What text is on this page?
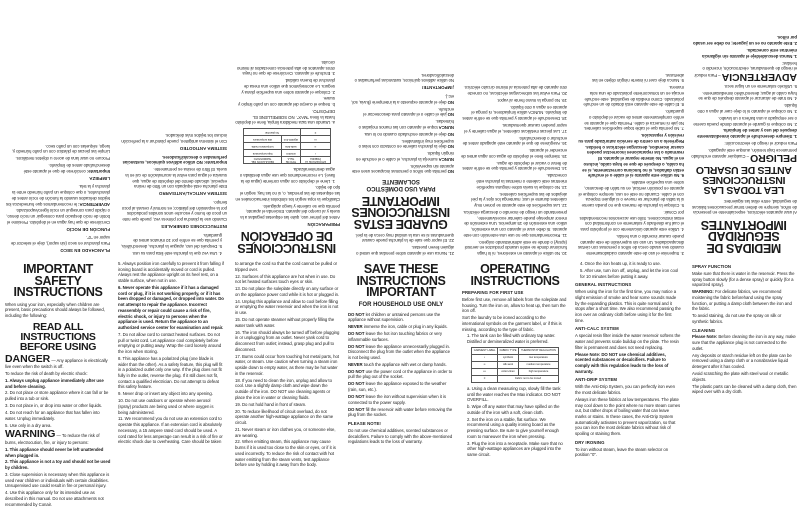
MEDIDAS DE SEGURIDAD IMPORTANTES
Al usar aparatos eléctricos, especialmente en presencia de niños, siempre se deben tomar precauciones básicas de seguridad, entre ellas las siguientes:
LEA TODAS LAS INSTRUCCIONES ANTES DE USARLO
PELIGRO – Cualquier aparato enchufado permanece bajo tensión, aunque esté apagado.
Para reducir el riesgo de electrocución:
1. Siempre desenchufe el aparato inmediatamente después del uso y antes de limpiarlo.
2. No coloque ni guarde el aparato donde pueda caerse o ser empujado a una bañera o un lavabo.
3. No coloque el aparato ni lo deje caer al agua u otro líquido.
4. No trate de alcanzar el aparato después de que se haya caído al agua; desenchúfelo inmediatamente.
5. Utilícelo solamente en un lugar seco.
ADVERTENCIA – Para reducir el riesgo de quemaduras, electrocución, incendio o heridas:
1. Nunca descuide/deje el aparato sin vigilancia mientras esté conectado.
2. Este aparato no es un juguete; no debe ser usado por niños.
3. Supervise el uso de este aparato cuidadosamente cuando sea usado cerca de niños o personas con ciertas discapacidades. Un uso sin supervisión de este aparato puede causar incendio o una herida.
4. Utilice este aparato únicamente con el propósito para el cual fue diseñado y solamente en conformidad con estas instrucciones. Sólo use accesorios recomendados por Conair.
5. Coloque la plancha de manera que no pueda caerse si la tabla de planchar se mueve o si alguien tropieza con el cable. Cuando no esté en uso, siempre coloque el aparato en posición vertical, en su talón de descanso, sobre una superficie estable.
6. No utilice este aparato si el cable o el enchufe están dañados, si no funciona correctamente, si se ha caído, o después de que se haya caído, incluso en el agua. No intente reparar el aparato. El rearmado o las reparaciones incorrectas pueden causar incendios, descargas eléctricas o heridas. Regréselo a un centro de servicio autorizado para su revisión y reparación.
7. No permita que el cable toque superficies calientes. No jale ni retuerza el cable. Permita que el aparato se enfríe completamente antes de vaciar el depósito o guardarlo.
8. El cable de este aparato está dotado de un enchufe polarizado. Como medida de seguridad, este enchufe encaja en un tomacorriente polarizado de una sola manera.
9. Nunca deje caer ni inserte ningún objeto en las aberturas.
10. No utilice el aparato en exteriores, ni lo haga funcionar donde se estén usando productos en aerosol (spray) o donde se esté administrando oxígeno.
11. Recomendamos que no use una extensión con este aparato. Si debe usar el aparato con una extensión, utilice una extensión de 15 amperios. Una extensión de menor amperaje puede calentar excesivamente, presentando un riesgo de incendio o descarga eléctrica.
12. Las superficies de este aparato se ponen muy calientes durante el uso; mantenga los ojos y la piel alejados de las superficies calientes.
13. No coloque la suela sobre ninguna superficie mientras esté caliente o mientras la plancha esté conectada.
14. Desenchufe el aparato y permita que se enfríe antes de llenar o vaciar el depósito de agua.
15. Siempre llene el depósito de agua con agua antes de encender el aparato.
16. Asegúrese de que el aparato esté apagado antes de enchufar o desenchufarlo.
17. Las piezas metálicas calientes, el agua caliente y el vapor pueden causar quemaduras.
18. Desenchufe el aparato y permita que se enfríe antes de limpiarlo. NUNCA utilice limpiadores, ni ponga el aparato en agua u otro líquido.
19. No ponga la mano frente al vapor.
20. Para evitar las sobrecargas eléctricas, no conecte otro aparato de alta potencia al mismo circuito eléctrico.
21. Nunca use el aparato sobre prendas que usted o alguien lleven puestas.
22. El vapor que sale de la plancha puede causar quemaduras si se usa la unidad muy cerca de la piel.
GUARDE ESTAS INSTRUCCIONES IMPORTANTE
PARA USO DOMÉSTICO SOLAMENTE
NO permita que niños o personas incapaces usen este aparato sin supervisión.
NUNCA sumerja la plancha, el cable o el enchufe en ningún líquido.
NO deje la plancha caliente en contacto con telas o superficies muy inflamables.
NO deje el aparato enchufado cuando no lo usa.
NUNCA toque el aparato con las manos mojadas o húmedas.
NO jale el cable o el aparato para desconectar el enchufe.
NO deje el aparato expuesto a la intemperie (lluvia, sol, etc.).
¡IMPORTANTE!
No utilice aditivos químicos, sustancias perfumadas o descalcificadores.
INSTRUCCIONES DE OPERACIÓN
PREPARACIÓN
Antes del primer uso, quite las etiquetas pegadas a la suela y al cuerpo del aparato. Encienda el aparato, permita que se caliente y luego apáguelo.
Clasifique la ropa según los símbolos internacionales en las etiquetas de las prendas, o, si no las hay, según el tipo de tejido.
1. Llene el depósito con agua corriente (agua de la llave). Le recomendamos que use agua destilada o agua desmineralizada.
ETIQUETA DE LA PRENDA	TIPO DE TELA	REGULACIÓN DEL TERMOSTATO
•	sintético	baja temperatura
••	seda-lana	temperatura media
•••	algodón-lino	alta temperatura
✕	No planchar	
a. Usando una taza medidora limpia, llene el depósito hasta la línea "MAX". NO SOBRELLENE EL DEPÓSITO.
b. Seque el cuerpo del aparato con un paño limpio y suave.
2. Coloque el aparato sobre una superficie plana y segura. Le aconsejamos que utilice una mesa de planchar de buena calidad.
3. Enchufe el aparato. Cerciórese de que no haya otros aparatos de alta potencia conectados al mismo circuito.
4. Una vez que la plancha esté lista para su uso.
5. Después del uso, apague la plancha, desenchúfela, y permita que se enfríe por 10 minutos antes de guardarla.
INSTRUCCIONES GENERALES
Cuando use la plancha por primera vez, puede que note un poco de humo y escuche unos sonidos producidos por la expansión del plástico; es normal y cesará al poco tiempo.
SISTEMA ANTICAL/ANTISARRO
Este plancha está equipada con un filtro de resina especial, ubicado dentro del depósito de agua, que suaviza el agua para evitar la acumulación de cal en la suela. El filtro de resina es permanente.
Importante: NO utilice aditivos químicos, sustancias perfumadas o descalcificadores.
SISTEMA ANTIGOTEO
Con el sistema antigoteo, puede planchar a la perfección incluso los tejidos más delicados.
PLANCHADO EN SECO
Para planchar en seco (sin vapor), deje el selector de vapor en "0".
FUNCIÓN DE ROCÍO
Cerciórese de que hay agua en el depósito. Presione el botón de rocío despacio para conseguir un rocío denso, o rápido para conseguir un rocío ligero/vaporizado.
ADVERTENCIA: le recomendamos que humedezca los tejidos delicados usando la función de rocío antes de plancharlos, o que coloque un paño húmedo entre la plancha y la tela.
LIMPIEZA
Importante: cerciórese de que el aparato esté desenchufado antes de limpiarlo.
Procure no usar lana de acero u objetos metálicos.
Limpie las piezas de plástico con un paño húmedo y, luego, séquelas con un paño seco.
IMPORTANT SAFETY INSTRUCTIONS
When using your iron, especially when children are present, basic precautions should always be followed, including the following:
READ ALL INSTRUCTIONS BEFORE USING
DANGER — Any appliance is electrically live even when the switch is off.
To reduce the risk of death by electric shock:
1. Always unplug appliance immediately after use and before cleaning.
2. Do not place or store appliance where it can fall or be pulled into a tub or sink.
3. Do not place in, or drop into water or other liquids.
4. Do not reach for an appliance that has fallen into water. Unplug immediately.
5. Use only in a dry area.
WARNING — To reduce the risk of burns, electrocution, fire, or injury to persons:
1. This appliance should never be left unattended when plugged in.
2. This appliance is not a toy and should not be used by children.
3. Close supervision is necessary when this appliance is used near children or individuals with certain disabilities. Unsupervised use could result in fire or personal injury.
4. Use this appliance only for its intended use as described in this manual. Do not use attachments not recommended by Conair.
5. Always position iron carefully to prevent it from falling if ironing board is accidentally moved or cord is pulled. Always rest the appliance upright on its heel rest, on a stable surface, when not in use.
6. Never operate this appliance if it has a damaged cord or plug, if it is not working properly, or if it has been dropped or damaged, or dropped into water. Do not attempt to repair the appliance. Incorrect reassembly or repair could cause a risk of fire, electric shock, or injury to persons when the appliance is used. Return the appliance to an authorized service center for examination and repair.
7. Do not allow cord to contact heated surfaces. Do not pull or twist cord. Let appliance cool completely before emptying or putting away. Wrap the cord loosely around the iron when storing.
8. This appliance has a polarized plug (one blade is wider than the other). As a safety feature, this plug will fit in a polarized outlet only one way. If the plug does not fit fully in the outlet, reverse the plug. If it still does not fit, contact a qualified electrician. Do not attempt to defeat this safety feature.
9. Never drop or insert any object into any opening.
10. Do not use outdoors or operate where aerosol (spray) products are being used or where oxygen is being administered.
11. We recommend you do not use an extension cord to operate this appliance. If an extension cord is absolutely necessary, a 15 ampere rated cord should be used. A cord rated for less amperage can result in a risk of fire or electric shock due to overheating. Care should be taken
to arrange the cord so that the cord cannot be pulled or tripped over.
12. Surfaces of this appliance are hot when in use. Do not let heated surfaces touch eyes or skin.
13. Do not place the soleplate directly on any surface or on the appliance power cord while it is hot or plugged in.
14. Unplug this appliance and allow to cool before filling or emptying the water reservoir and when the iron is not in use.
15. Do not operate steamer without properly filling the water tank with water.
16. The iron should always be turned off before plugging in or unplugging from an outlet. Never yank cord to disconnect from outlet; instead, grasp plug and pull to disconnect.
17. Burns could occur from touching hot metal parts, hot water, or steam. Use caution when turning a steam iron upside down to empty water, as there may be hot water in the reservoir.
18. If you need to clean the iron, unplug and allow to cool. Use a slightly damp cloth and wipe down the outside of the iron. DO NOT use cleaning agents or place the iron in water or cleaning fluids.
19. Do not hold hand in front of steam.
20. To reduce likelihood of circuit overload, do not operate another high-wattage appliance on the same circuit.
21. Never steam or iron clothes you, or someone else, are wearing.
22. When emitting steam, this appliance may cause burns if it is used too close to the skin or eyes, or if it is used incorrectly. To reduce the risk of contact with hot water emitting from the steam vents, test appliance before use by holding it away from the body.
SAVE THESE INSTRUCTIONS IMPORTANT
FOR HOUSEHOLD USE ONLY
DO NOT let children or untrained persons use the appliance without supervision.
NEVER immerse the iron, cable or plug in any liquids.
DO NOT leave the hot iron touching fabrics or very inflammable surfaces.
DO NOT leave the appliance unnecessarily plugged in. Disconnect the plug from the outlet when the appliance is not being used.
NEVER touch the appliance with wet or damp hands.
DO NOT use the power cord or the appliance in order to pull the plug out of the socket.
DO NOT leave the appliance exposed to the weather (rain, sun, etc.).
DO NOT leave the iron without supervision when it is connected to the power supply.
DO NOT fill the reservoir with water before removing the plug from the socket.
PLEASE NOTE!
Do not use chemical additives, scented substances or decalcifiers. Failure to comply with the above-mentioned regulations leads to the loss of warranty.
OPERATING INSTRUCTIONS
PREPARING FOR FIRST USE
Before first use, remove all labels from the soleplate and housing. Turn the iron on, allow to heat up, then turn the iron off.
Sort the laundry to be ironed according to the international symbols on the garment label, or if this is missing, according to the type of fabric.
1. The tank can be filled with ordinary tap water. Distilled or demineralized water is preferred.
GARMENT LABEL	FABRIC TYPE	THERMOSTAT REGULATION
•	synthetic	low temperature
••	silk-wool	medium temperature
•••	cotton-linen	high temperature
✕	Fabric not to be ironed	
a. Using a clean measuring cup, slowly fill the tank until the water reaches the Max indicator. DO NOT OVERFILL.
b. Wipe off any water that may have spilled on the outside of the iron with a soft, clean cloth.
2. Set the iron on a stable, flat surface. We recommend using a quality ironing board as the pressing surface. Be sure to give yourself enough room to maneuver the iron when pressing.
3. Plug the iron into a receptacle. Make sure that no other high-wattage appliances are plugged into the same circuit.
4. Once the iron heats up, it is ready to use.
5. After use, turn iron off, unplug, and let the iron cool for 10 minutes before putting it away.
GENERAL INSTRUCTIONS
When using the iron for the first time, you may notice a slight emission of smoke and hear some sounds made by the expanding plastics. This is quite normal and it stops after a short time. We also recommend passing the iron over an ordinary cloth before using it for the first time.
ANTI-CALC SYSTEM
A special resin filter inside the water reservoir softens the water and prevents scale buildup on the plate. The resin filter is permanent and does not need replacing.
Please Note: DO NOT use chemical additives, scented substances or decalcifiers. Failure to comply with this regulation leads to the loss of warranty.
ANTI-DRIP SYSTEM
With the Anti-Drip System, you can perfectly iron even the most delicate fabrics.
Always iron these fabrics at low temperatures. The plate may cool down to the point where no more steam comes out, but rather drops of boiling water that can leave marks or stains. In these cases, the Anti-Drip System automatically activates to prevent vaporization, so that you can iron the most delicate fabrics without risk of spoiling or staining them.
DRY IRONING
To iron without steam, leave the steam selector on position "0".
SPRAY FUNCTION
Make sure that there is water in the reservoir. Press the spray button slowly (for a dense spray) or quickly (for a vaporized spray).
WARNING: For delicate fabrics, we recommend moistening the fabric beforehand using the spray function, or putting a damp cloth between the iron and the fabric.
To avoid staining, do not use the spray on silk or synthetic fabrics.
CLEANING
Please Note: Before cleaning the iron in any way, make sure that the appliance plug is not connected to the outlet.
Any deposits or starch residue left on the plate can be removed using a damp cloth or a nonabrasive liquid detergent after it has cooled.
Avoid scratching the plate with steel wool or metallic objects.
The plastic parts can be cleaned with a damp cloth, then wiped over with a dry cloth.
